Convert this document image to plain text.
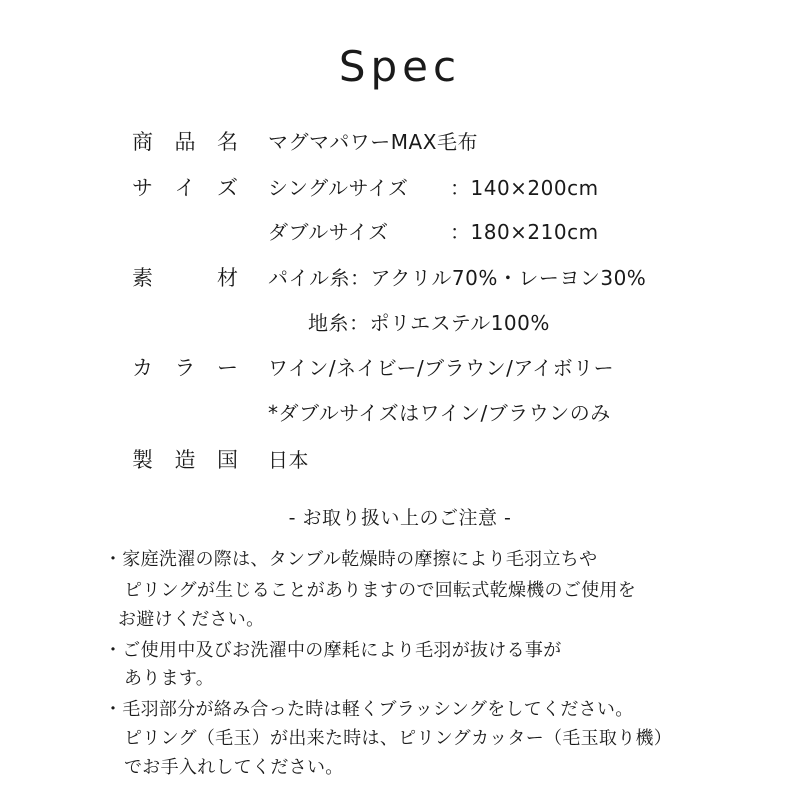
Spec
商 品 名 マグマパワーMAX毛布
サ イ ズ シングルサイズ ：140×200cm
ダブルサイズ	：180×210cm
素	材 パイル糸：アクリル70%・レーヨン30%
地糸：ポリエステル100%
カ ラ ー ワイン/ネイビー/ブラウン/アイボリー
*ダブルサイズはワイン/ブラウンのみ
製 造 国 日本
- お取り扱い上のご注意 -
・家庭洗濯の際は、タンブル乾燥時の摩擦により毛羽立ちや
ピリングが生じることがありますので回転式乾燥機のご使用を
お避けください。
・ご使用中及びお洗濯中の摩耗により毛羽が抜ける事が
あります。
・毛羽部分が絡み合った時は軽くブラッシングをしてください。
ピリング（毛玉）が出来た時は、ピリングカッター（毛玉取り機）
でお手入れしてください。
